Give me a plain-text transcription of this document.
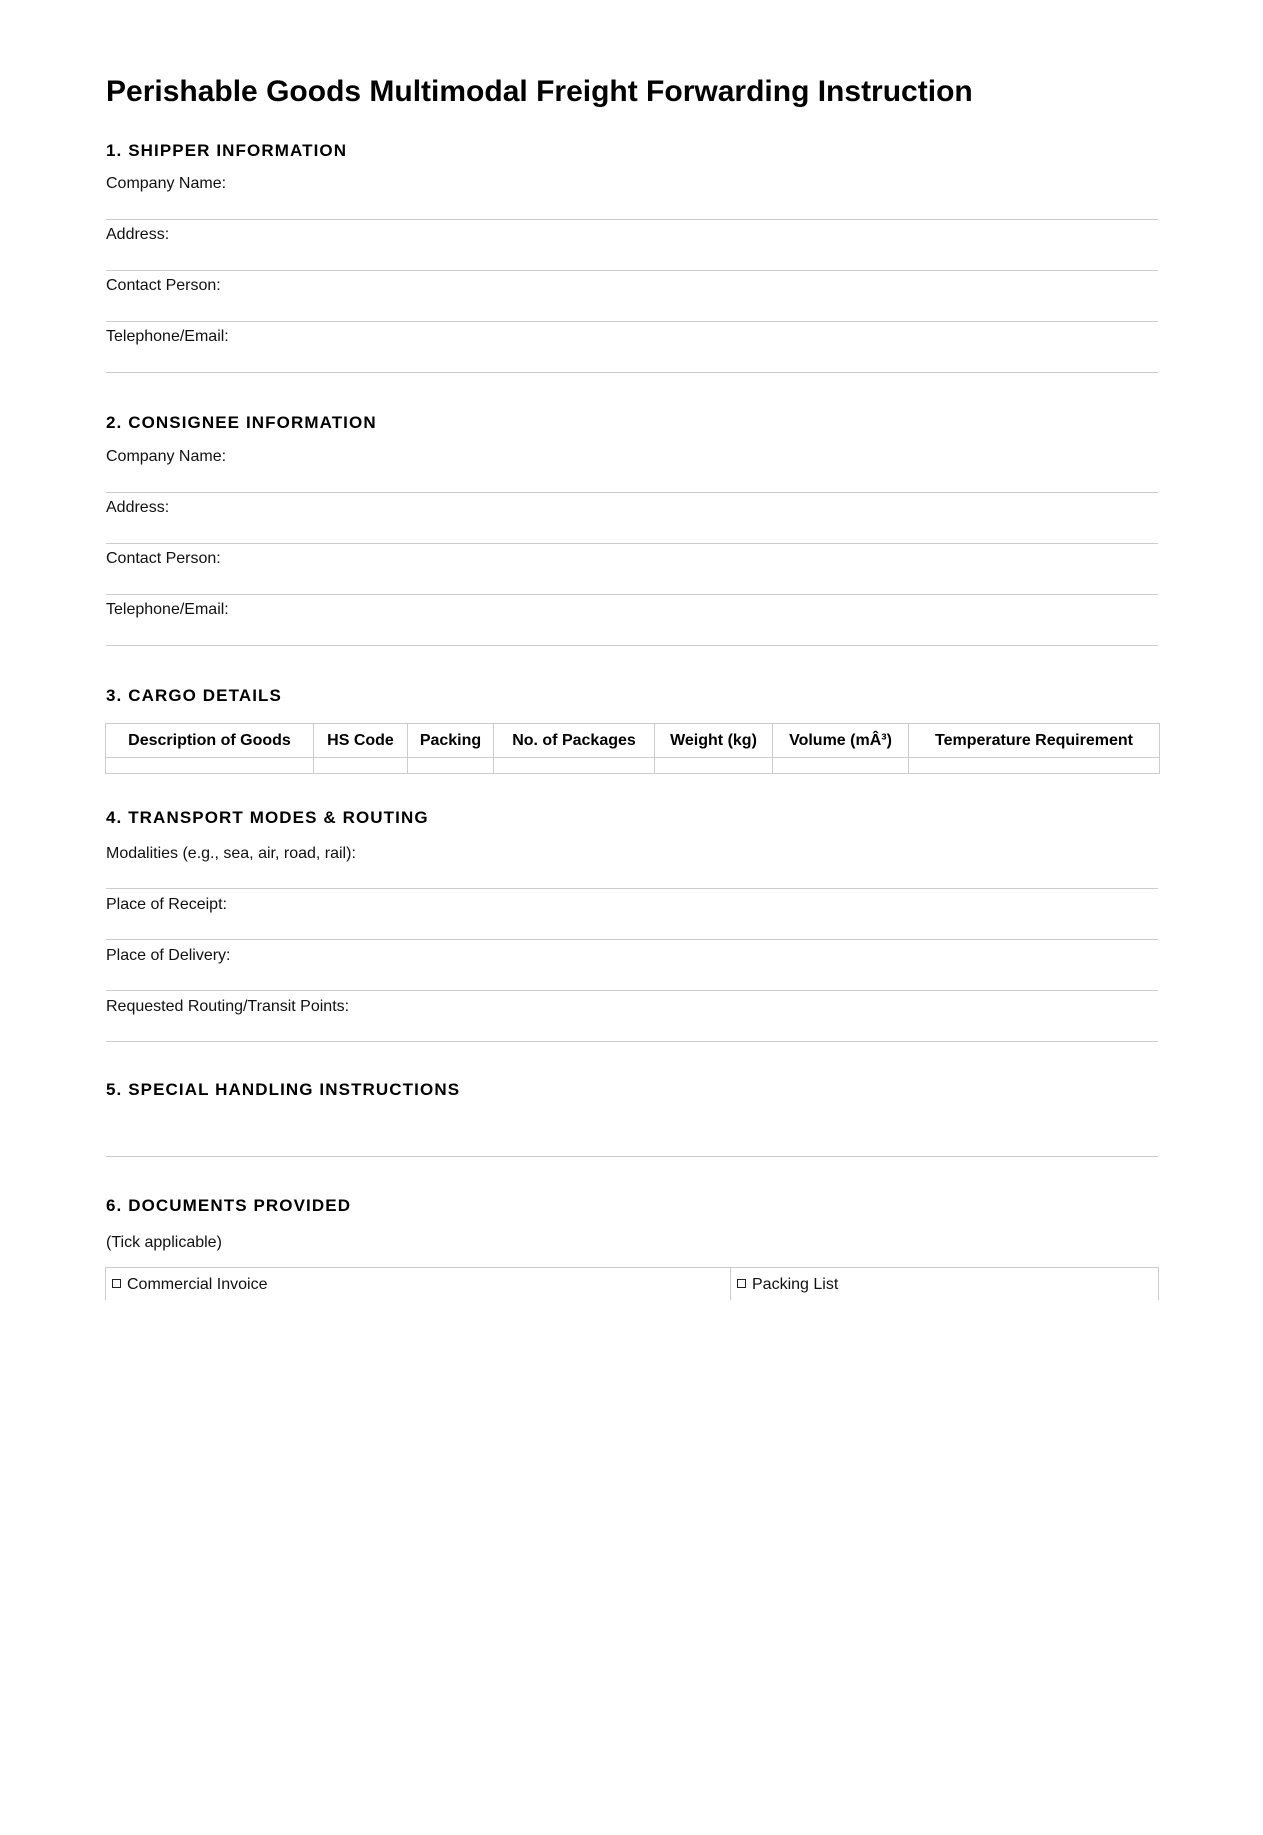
Perishable Goods Multimodal Freight Forwarding Instruction
1. SHIPPER INFORMATION
Company Name:
Address:
Contact Person:
Telephone/Email:
2. CONSIGNEE INFORMATION
Company Name:
Address:
Contact Person:
Telephone/Email:
3. CARGO DETAILS
Description of Goods	HS Code	Packing	No. of Packages	Weight (kg)	Volume (mÂ³)	Temperature Requirement

4. TRANSPORT MODES & ROUTING
Modalities (e.g., sea, air, road, rail):
Place of Receipt:
Place of Delivery:
Requested Routing/Transit Points:
5. SPECIAL HANDLING INSTRUCTIONS
6. DOCUMENTS PROVIDED
(Tick applicable)
Commercial Invoice	Packing List
